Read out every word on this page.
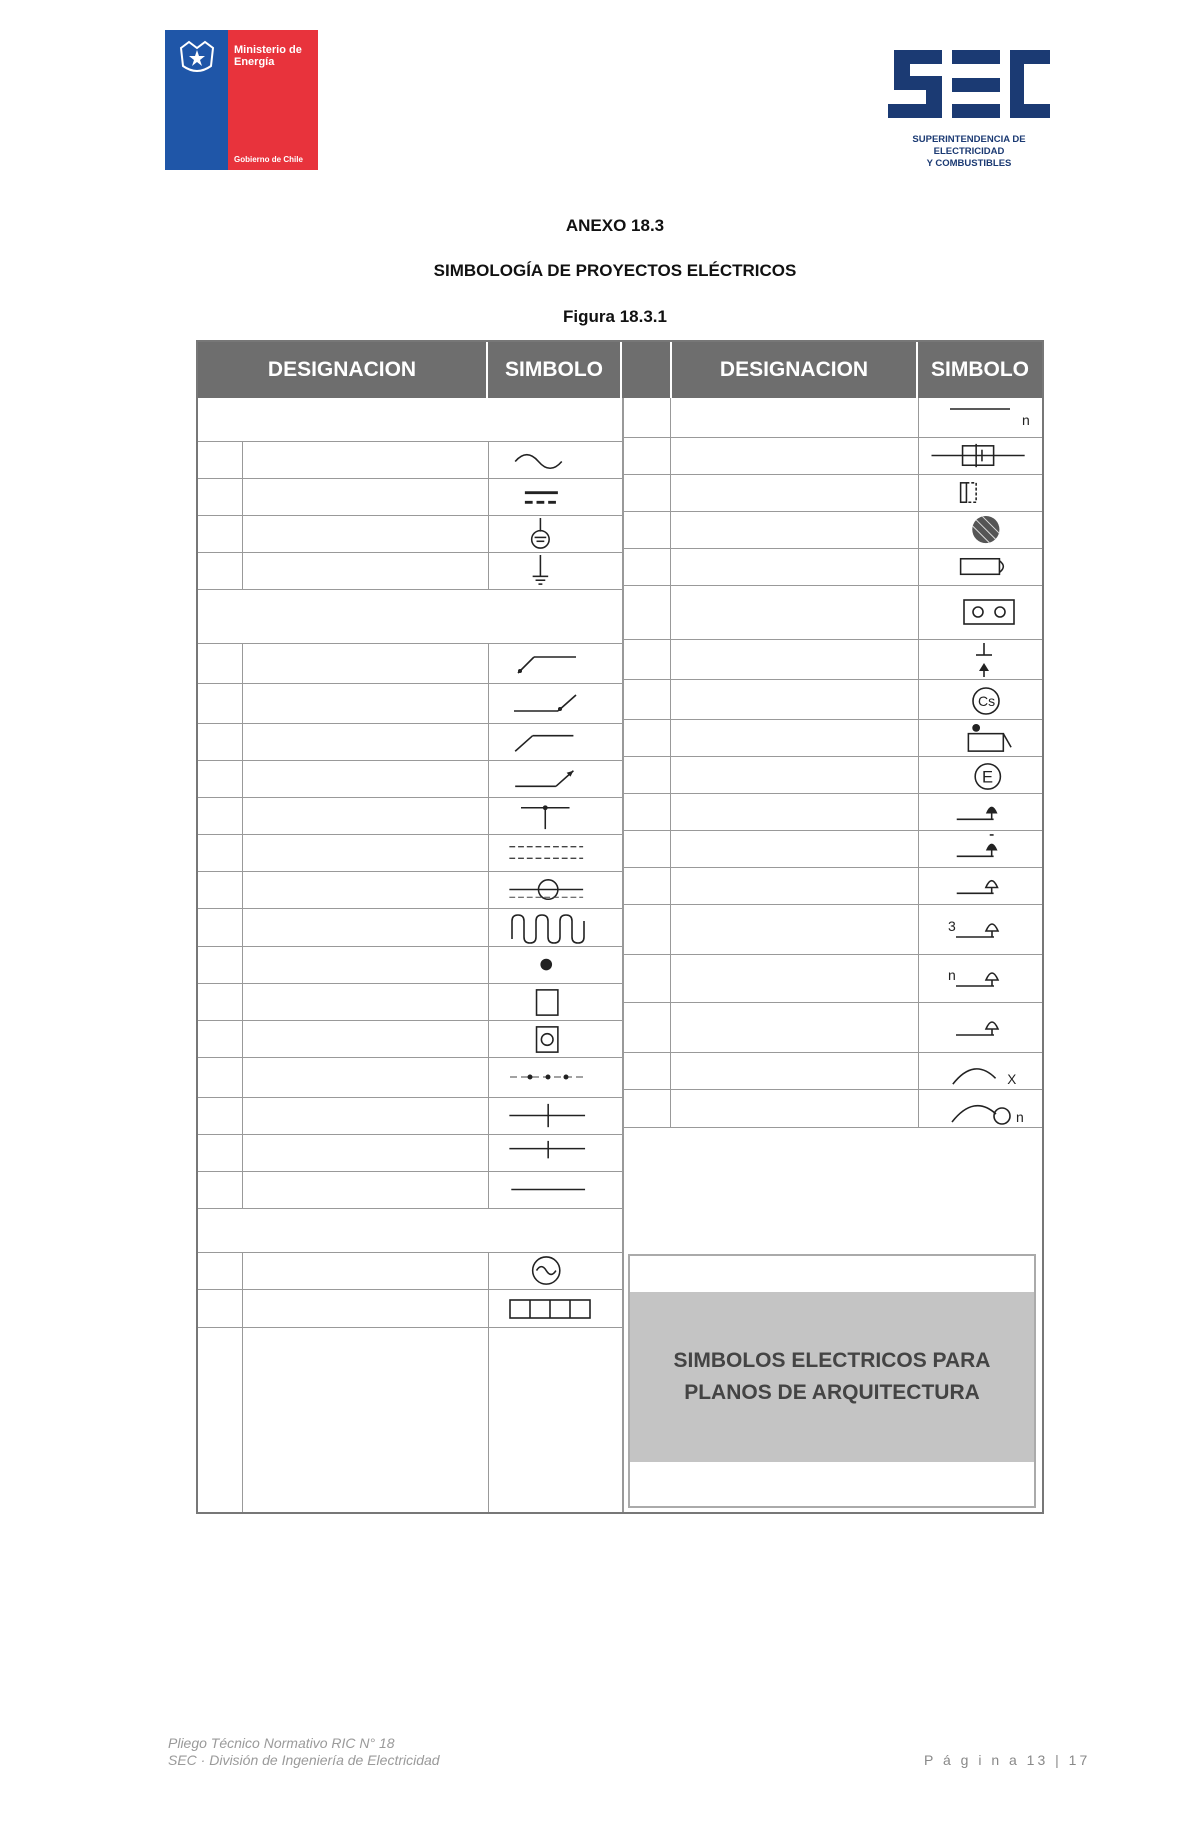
Ministerio de
Energía
Gobierno de Chile
SUPERINTENDENCIA DE ELECTRICIDAD
Y COMBUSTIBLES
ANEXO 18.3
SIMBOLOGÍA DE PROYECTOS ELÉCTRICOS
Figura 18.3.1
DESIGNACION	SIMBOLO	DESIGNACION	SIMBOLO
n
Cs
E
3
n
X
n
SIMBOLOS ELECTRICOS PARA
PLANOS DE ARQUITECTURA
Pliego Técnico Normativo RIC N° 18
SEC · División de Ingeniería de Electricidad	P á g i n a 13 | 17
